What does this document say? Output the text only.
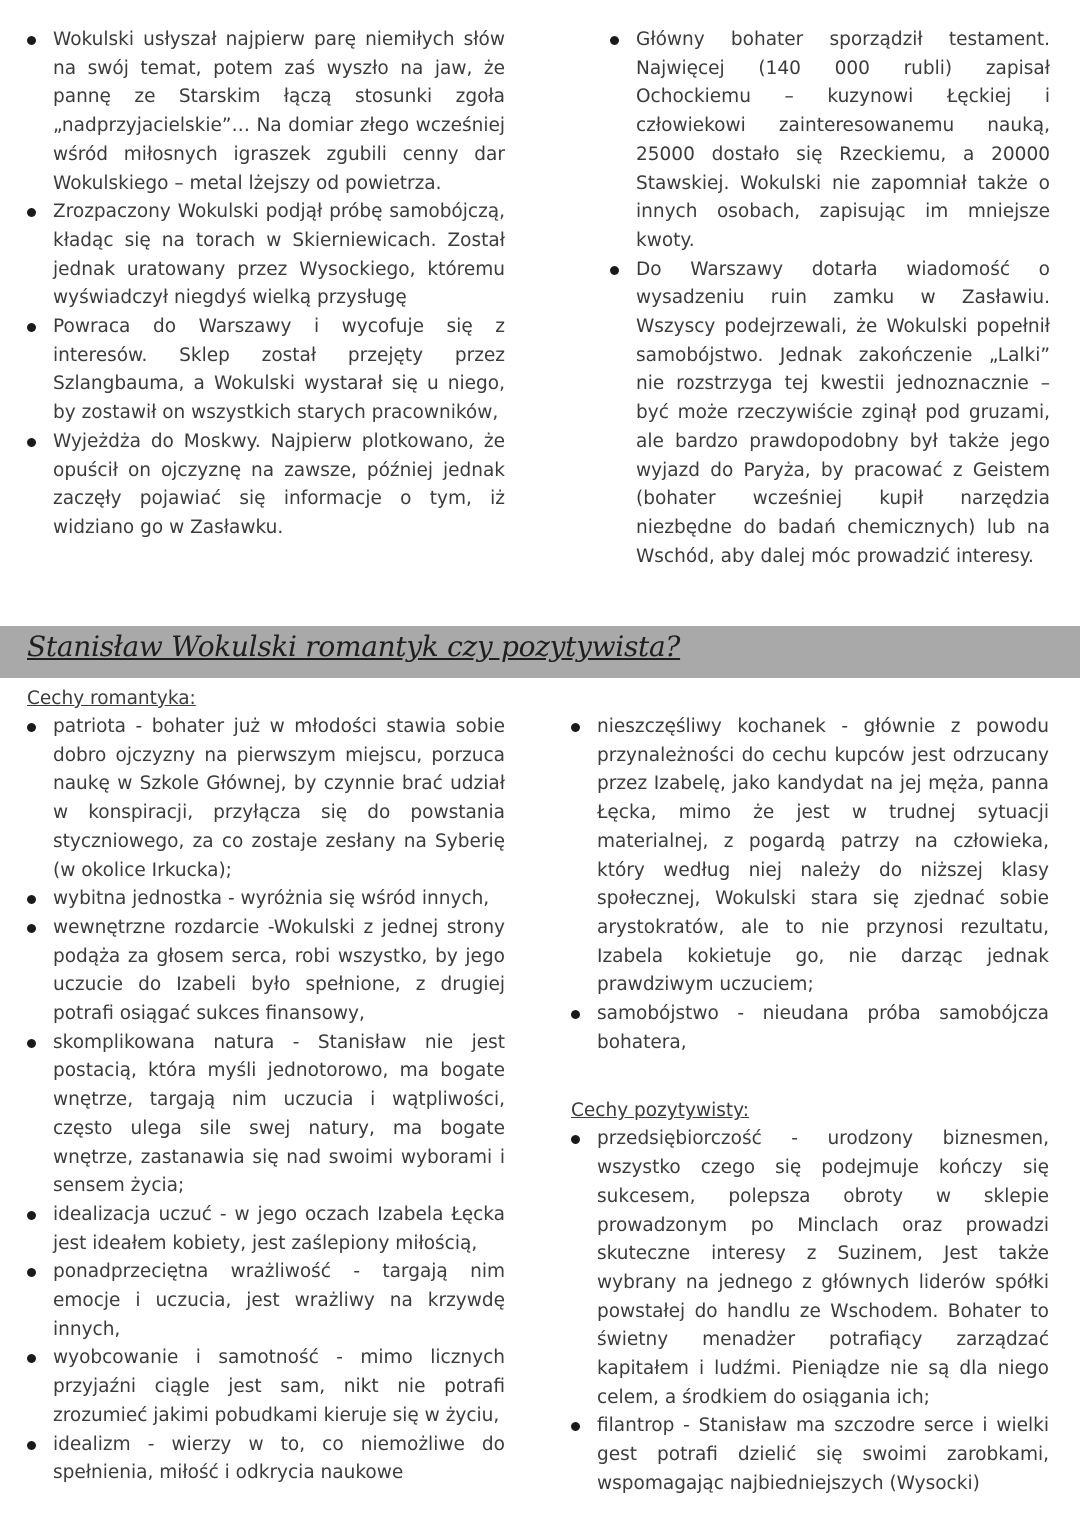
Wokulski usłyszał najpierw parę niemiłych słów na swój temat, potem zaś wyszło na jaw, że pannę ze Starskim łączą stosunki zgoła „nadprzyjacielskie”… Na domiar złego wcześniej wśród miłosnych igraszek zgubili cenny dar Wokulskiego – metal lżejszy od powietrza.
Zrozpaczony Wokulski podjął próbę samobójczą, kładąc się na torach w Skierniewicach. Został jednak uratowany przez Wysockiego, któremu wyświadczył niegdyś wielką przysługę
Powraca do Warszawy i wycofuje się z interesów. Sklep został przejęty przez Szlangbauma, a Wokulski wystarał się u niego, by zostawił on wszystkich starych pracowników,
Wyjeżdża do Moskwy. Najpierw plotkowano, że opuścił on ojczyznę na zawsze, później jednak zaczęły pojawiać się informacje o tym, iż widziano go w Zasławku.
Główny bohater sporządził testament. Najwięcej (140 000 rubli) zapisał Ochockiemu – kuzynowi Łęckiej i człowiekowi zainteresowanemu nauką, 25000 dostało się Rzeckiemu, a 20000 Stawskiej. Wokulski nie zapomniał także o innych osobach, zapisując im mniejsze kwoty.
Do Warszawy dotarła wiadomość o wysadzeniu ruin zamku w Zasławiu. Wszyscy podejrzewali, że Wokulski popełnił samobójstwo. Jednak zakończenie „Lalki” nie rozstrzyga tej kwestii jednoznacznie – być może rzeczywiście zginął pod gruzami, ale bardzo prawdopodobny był także jego wyjazd do Paryża, by pracować z Geistem (bohater wcześniej kupił narzędzia niezbędne do badań chemicznych) lub na Wschód, aby dalej móc prowadzić interesy.
Stanisław Wokulski romantyk czy pozytywista?

Cechy romantyka:

patriota - bohater już w młodości stawia sobie dobro ojczyzny na pierwszym miejscu, porzuca naukę w Szkole Głównej, by czynnie brać udział w konspiracji, przyłącza się do powstania styczniowego, za co zostaje zesłany na Syberię (w okolice Irkucka);
wybitna jednostka - wyróżnia się wśród innych,
wewnętrzne rozdarcie -Wokulski z jednej strony podąża za głosem serca, robi wszystko, by jego uczucie do Izabeli było spełnione, z drugiej potrafi osiągać sukces finansowy,
skomplikowana natura - Stanisław nie jest postacią, która myśli jednotorowo, ma bogate wnętrze, targają nim uczucia i wątpliwości, często ulega sile swej natury, ma bogate wnętrze, zastanawia się nad swoimi wyborami i sensem życia;
idealizacja uczuć - w jego oczach Izabela Łęcka jest ideałem kobiety, jest zaślepiony miłością,
ponadprzeciętna wrażliwość - targają nim emocje i uczucia, jest wrażliwy na krzywdę innych,
wyobcowanie i samotność - mimo licznych przyjaźni ciągle jest sam, nikt nie potrafi zrozumieć jakimi pobudkami kieruje się w życiu,
idealizm - wierzy w to, co niemożliwe do spełnienia, miłość i odkrycia naukowe
nieszczęśliwy kochanek - głównie z powodu przynależności do cechu kupców jest odrzucany przez Izabelę, jako kandydat na jej męża, panna Łęcka, mimo że jest w trudnej sytuacji materialnej, z pogardą patrzy na człowieka, który według niej należy do niższej klasy społecznej, Wokulski stara się zjednać sobie arystokratów, ale to nie przynosi rezultatu, Izabela kokietuje go, nie darząc jednak prawdziwym uczuciem;
samobójstwo - nieudana próba samobójcza bohatera,

Cechy pozytywisty:

przedsiębiorczość - urodzony biznesmen, wszystko czego się podejmuje kończy się sukcesem, polepsza obroty w sklepie prowadzonym po Minclach oraz prowadzi skuteczne interesy z Suzinem, Jest także wybrany na jednego z głównych liderów spółki powstałej do handlu ze Wschodem. Bohater to świetny menadżer potrafiący zarządzać kapitałem i ludźmi. Pieniądze nie są dla niego celem, a środkiem do osiągania ich;
filantrop - Stanisław ma szczodre serce i wielki gest potrafi dzielić się swoimi zarobkami, wspomagając najbiedniejszych (Wysocki)
